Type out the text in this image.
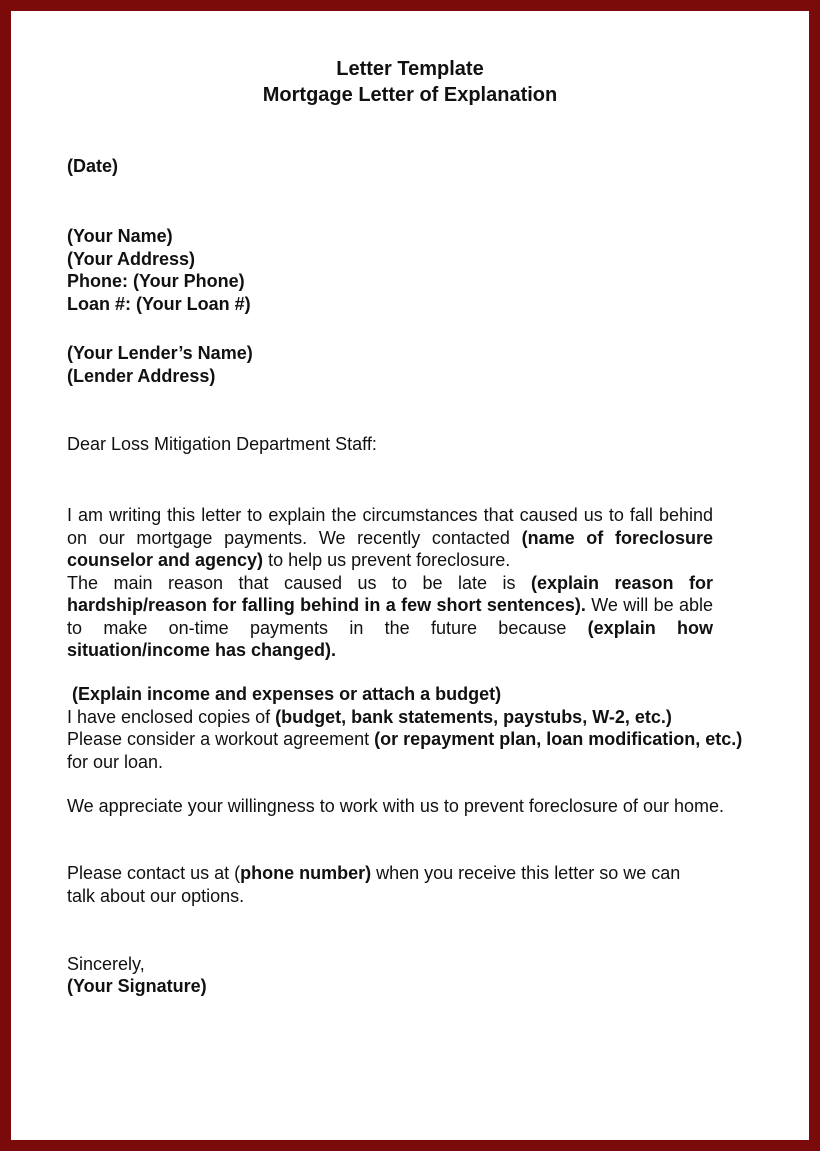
Letter Template
Mortgage Letter of Explanation
(Date)
(Your Name)
(Your Address)
Phone: (Your Phone)
Loan #: (Your Loan #)
(Your Lender’s Name)
(Lender Address)
Dear Loss Mitigation Department Staff:
I am writing this letter to explain the circumstances that caused us to fall behind on our mortgage payments. We recently contacted (name of foreclosure counselor and agency) to help us prevent foreclosure.
The main reason that caused us to be late is (explain reason for hardship/reason for falling behind in a few short sentences). We will be able to make on-time payments in the future because (explain how situation/income has changed).
(Explain income and expenses or attach a budget)
I have enclosed copies of (budget, bank statements, paystubs, W-2, etc.)
Please consider a workout agreement (or repayment plan, loan modification, etc.) for our loan.
We appreciate your willingness to work with us to prevent foreclosure of our home.
Please contact us at (phone number) when you receive this letter so we can talk about our options.
Sincerely,
(Your Signature)
